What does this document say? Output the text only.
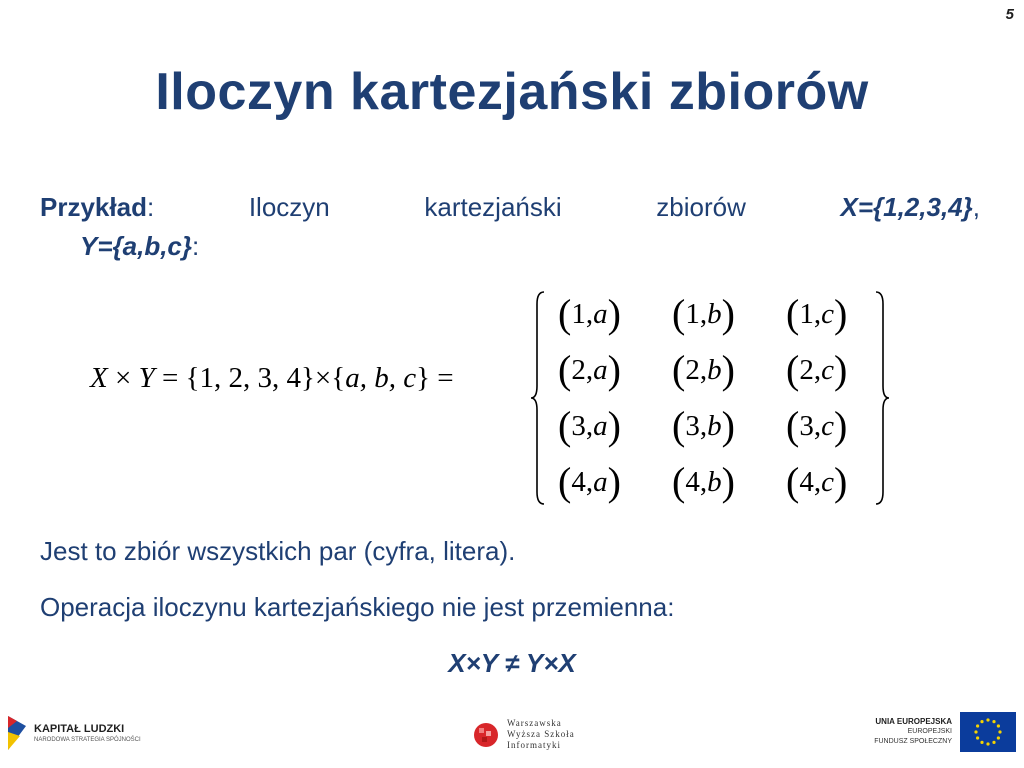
5
Iloczyn kartezjański zbiorów
Przykład:	Iloczyn	kartezjański	zbiorów	X={1,2,3,4},
Y={a,b,c}:
X × Y = {1, 2, 3, 4}×{a, b, c} =
( 1, a ) ( 1, b ) ( 1, c )
( 2, a ) ( 2, b ) ( 2, c )
( 3, a ) ( 3, b ) ( 3, c )
( 4, a ) ( 4, b ) ( 4, c )
Jest to zbiór wszystkich par (cyfra, litera).
Operacja iloczynu kartezjańskiego nie jest przemienna:
X×Y ≠ Y×X
KAPITAŁ LUDZKI
NARODOWA STRATEGIA SPÓJNOŚCI
Warszawska
Wyższa Szkoła
Informatyki
UNIA EUROPEJSKA
EUROPEJSKI
FUNDUSZ SPOŁECZNY
